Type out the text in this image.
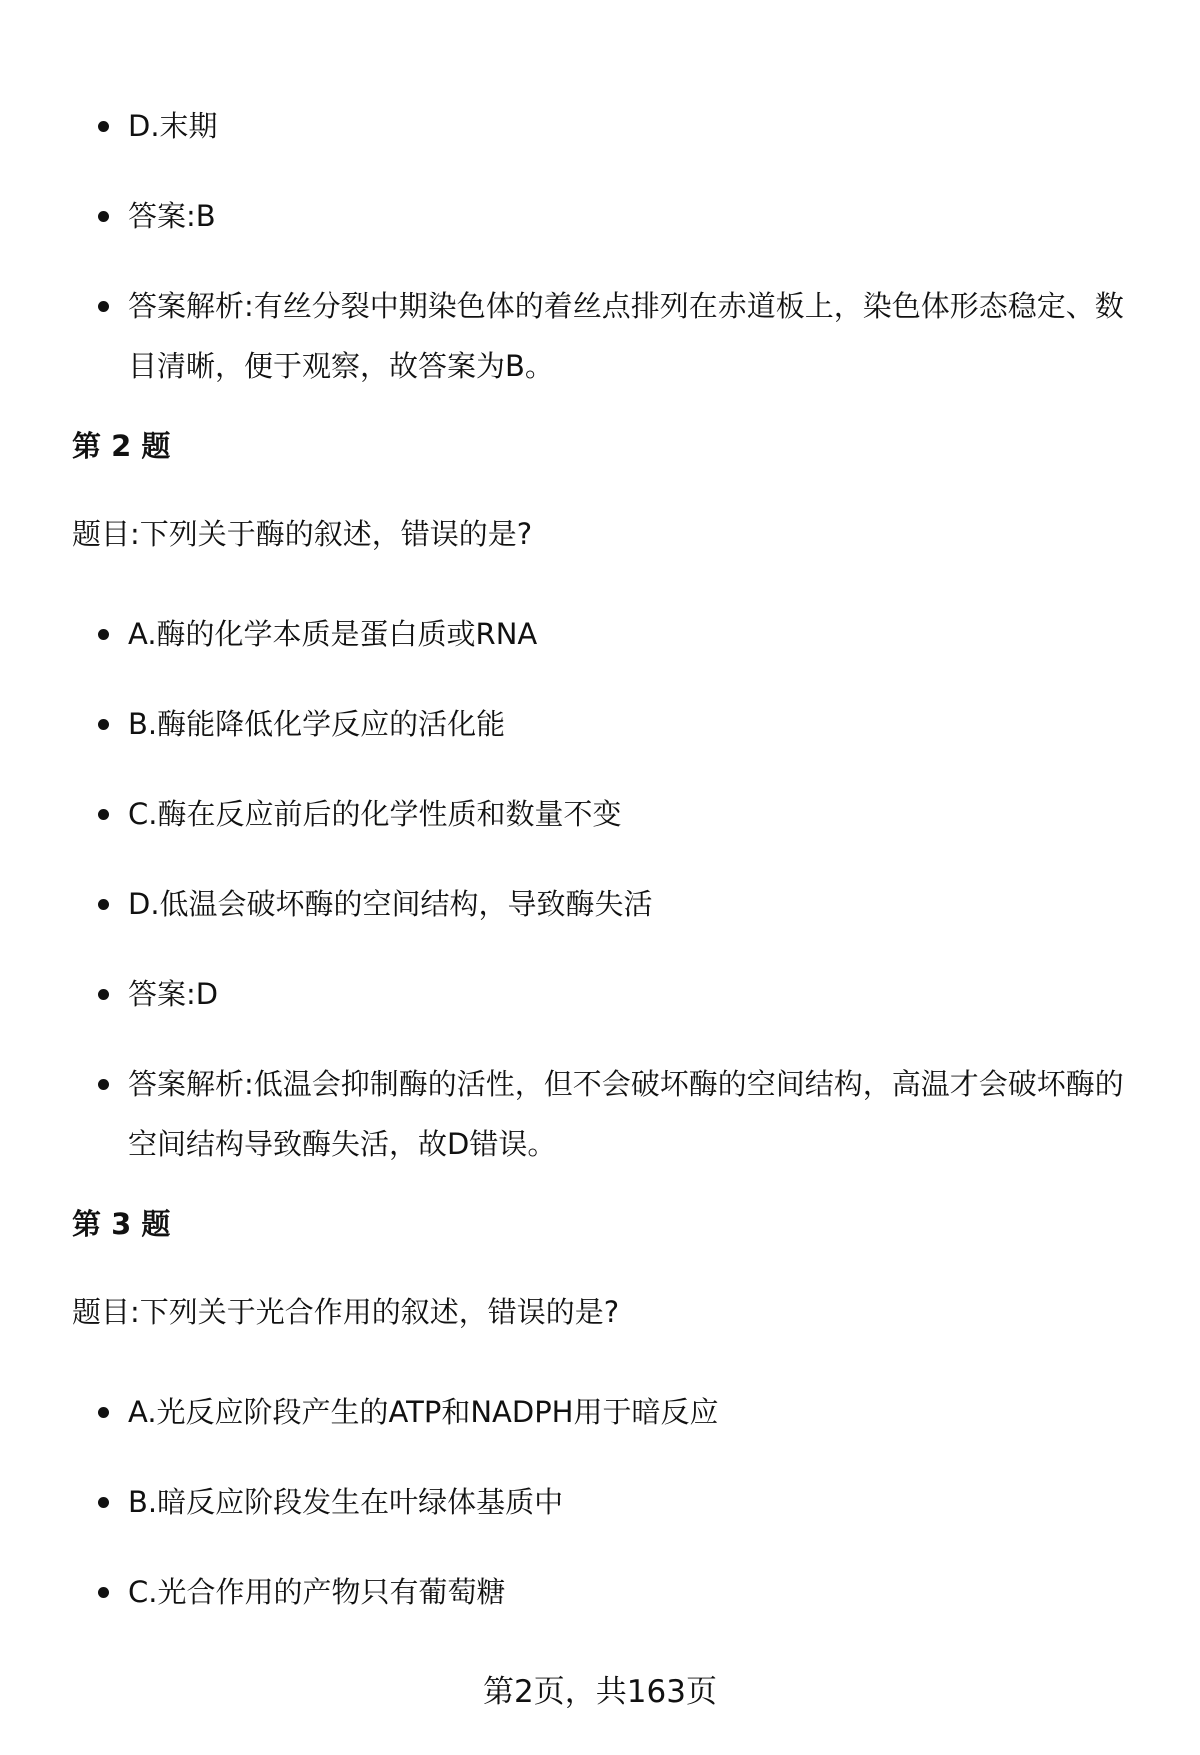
D.末期
答案:B
答案解析:有丝分裂中期染色体的着丝点排列在赤道板上，染色体形态稳定、数目清晰，便于观察，故答案为B。
第 2 题
题目:下列关于酶的叙述，错误的是?
A.酶的化学本质是蛋白质或RNA
B.酶能降低化学反应的活化能
C.酶在反应前后的化学性质和数量不变
D.低温会破坏酶的空间结构，导致酶失活
答案:D
答案解析:低温会抑制酶的活性，但不会破坏酶的空间结构，高温才会破坏酶的空间结构导致酶失活，故D错误。
第 3 题
题目:下列关于光合作用的叙述，错误的是?
A.光反应阶段产生的ATP和NADPH用于暗反应
B.暗反应阶段发生在叶绿体基质中
C.光合作用的产物只有葡萄糖
第2页，共163页
